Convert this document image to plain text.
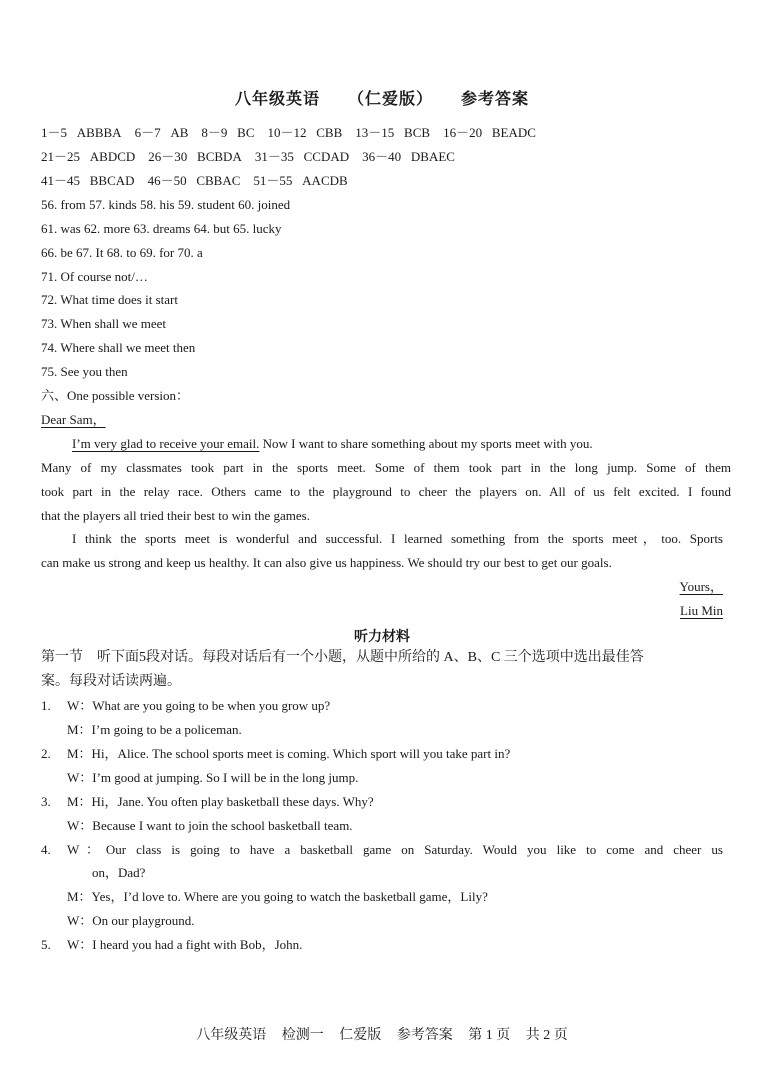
八年级英语 （仁爱版） 参考答案
1－5 ABBBA 6－7 AB 8－9 BC 10－12 CBB 13－15 BCB 16－20 BEADC
21－25 ABDCD 26－30 BCBDA 31－35 CCDAD 36－40 DBAEC
41－45 BBCAD 46－50 CBBAC 51－55 AACDB
56. from 57. kinds 58. his 59. student 60. joined
61. was 62. more 63. dreams 64. but 65. lucky
66. be 67. It 68. to 69. for 70. a
71. Of course not/…
72. What time does it start
73. When shall we meet
74. Where shall we meet then
75. See you then
六、One possible version：
Dear Sam，
I’m very glad to receive your email. Now I want to share something about my sports meet with you.
Many of my classmates took part in the sports meet. Some of them took part in the long jump. Some of them
took part in the relay race. Others came to the playground to cheer the players on. All of us felt excited. I found
that the players all tried their best to win the games.
I think the sports meet is wonderful and successful. I learned something from the sports meet，too. Sports
can make us strong and keep us healthy. It can also give us happiness. We should try our best to get our goals.
Yours，
Liu Min
听力材料
第一节　听下面5段对话。每段对话后有一个小题，从题中所给的 A、B、C 三个选项中选出最佳答
案。每段对话读两遍。
1. W：What are you going to be when you grow up?
M：I’m going to be a policeman.
2. M：Hi，Alice. The school sports meet is coming. Which sport will you take part in?
W：I’m good at jumping. So I will be in the long jump.
3. M：Hi，Jane. You often play basketball these days. Why?
W：Because I want to join the school basketball team.
4. W：Our class is going to have a basketball game on Saturday. Would you like to come and cheer us
on，Dad?
M：Yes，I’d love to. Where are you going to watch the basketball game，Lily?
W：On our playground.
5. W：I heard you had a fight with Bob，John.
八年级英语 检测一 仁爱版 参考答案 第 1 页 共 2 页
